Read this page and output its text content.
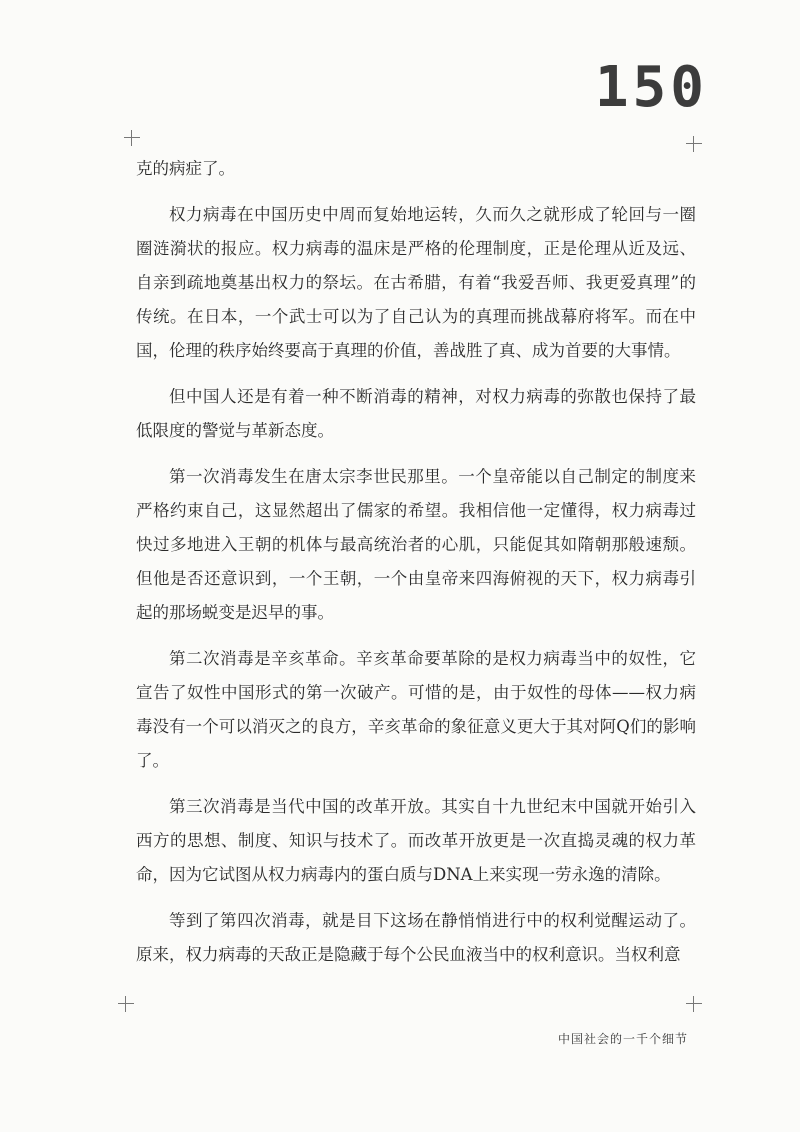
150

克的病症了。

权力病毒在中国历史中周而复始地运转，久而久之就形成了轮回与一圈圈涟漪状的报应。权力病毒的温床是严格的伦理制度，正是伦理从近及远、自亲到疏地奠基出权力的祭坛。在古希腊，有着“我爱吾师、我更爱真理”的传统。在日本，一个武士可以为了自己认为的真理而挑战幕府将军。而在中国，伦理的秩序始终要高于真理的价值，善战胜了真、成为首要的大事情。

但中国人还是有着一种不断消毒的精神，对权力病毒的弥散也保持了最低限度的警觉与革新态度。

第一次消毒发生在唐太宗李世民那里。一个皇帝能以自己制定的制度来严格约束自己，这显然超出了儒家的希望。我相信他一定懂得，权力病毒过快过多地进入王朝的机体与最高统治者的心肌，只能促其如隋朝那般速颓。但他是否还意识到，一个王朝，一个由皇帝来四海俯视的天下，权力病毒引起的那场蜕变是迟早的事。

第二次消毒是辛亥革命。辛亥革命要革除的是权力病毒当中的奴性，它宣告了奴性中国形式的第一次破产。可惜的是，由于奴性的母体——权力病毒没有一个可以消灭之的良方，辛亥革命的象征意义更大于其对阿Q们的影响了。

第三次消毒是当代中国的改革开放。其实自十九世纪末中国就开始引入西方的思想、制度、知识与技术了。而改革开放更是一次直捣灵魂的权力革命，因为它试图从权力病毒内的蛋白质与DNA上来实现一劳永逸的清除。

等到了第四次消毒，就是目下这场在静悄悄进行中的权利觉醒运动了。原来，权力病毒的天敌正是隐藏于每个公民血液当中的权利意识。当权利意

中国社会的一千个细节
